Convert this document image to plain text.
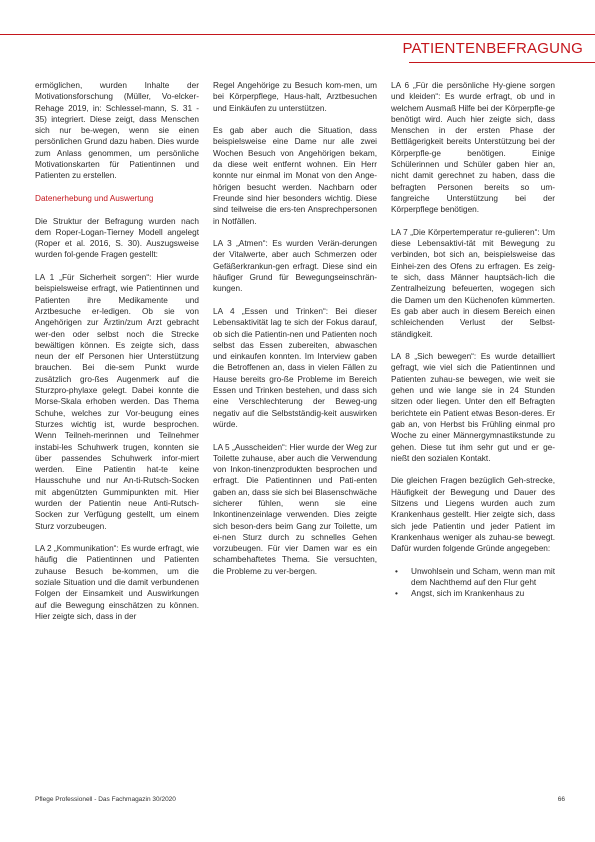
PATIENTENBEFRAGUNG

ermöglichen, wurden Inhalte der Motivationsforschung (Müller, Vo-elcker-Rehage 2019, in: Schlessel-mann, S. 31 - 35) integriert. Diese zeigt, dass Menschen sich nur be-wegen, wenn sie einen persönlichen Grund dazu haben. Dies wurde zum Anlass genommen, um persönliche Motivationskarten für Patientinnen und Patienten zu erstellen.

Datenerhebung und Auswertung

Die Struktur der Befragung wurden nach dem Roper-Logan-Tierney Modell angelegt (Roper et al. 2016, S. 30). Auszugsweise wurden fol-gende Fragen gestellt:

LA 1 „Für Sicherheit sorgen“: Hier wurde beispielsweise erfragt, wie Patientinnen und Patienten ihre Medikamente und Arztbesuche er-ledigen. Ob sie von Angehörigen zur Ärztin/zum Arzt gebracht wer-den oder selbst noch die Strecke bewältigen können. Es zeigte sich, dass neun der elf Personen hier Unterstützung brauchen. Bei die-sem Punkt wurde zusätzlich gro-ßes Augenmerk auf die Sturzpro-phylaxe gelegt. Dabei konnte die Morse-Skala erhoben werden. Das Thema Schuhe, welches zur Vor-beugung eines Sturzes wichtig ist, wurde besprochen. Wenn Teilneh-merinnen und Teilnehmer instabi-les Schuhwerk trugen, konnten sie über passendes Schuhwerk infor-miert werden. Eine Patientin hat-te keine Hausschuhe und nur An-ti-Rutsch-Socken mit abgenützten Gummipunkten mit. Hier wurden der Patientin neue Anti-Rutsch-Socken zur Verfügung gestellt, um einem Sturz vorzubeugen.

LA 2 „Kommunikation“: Es wurde erfragt, wie häufig die Patientinnen und Patienten zuhause Besuch be-kommen, um die soziale Situation und die damit verbundenen Folgen der Einsamkeit und Auswirkungen auf die Bewegung einschätzen zu können. Hier zeigte sich, dass in der

Regel Angehörige zu Besuch kom-men, um bei Körperpflege, Haus-halt, Arztbesuchen und Einkäufen zu unterstützen.

Es gab aber auch die Situation, dass beispielsweise eine Dame nur alle zwei Wochen Besuch von Angehörigen bekam, da diese weit entfernt wohnen. Ein Herr konnte nur einmal im Monat von den Ange-hörigen besucht werden. Nachbarn oder Freunde sind hier besonders wichtig. Diese sind teilweise die ers-ten Ansprechpersonen in Notfällen.

LA 3 „Atmen“: Es wurden Verän-derungen der Vitalwerte, aber auch Schmerzen oder Gefäßerkrankun-gen erfragt. Diese sind ein häufiger Grund für Bewegungseinschrän-kungen.

LA 4 „Essen und Trinken“: Bei dieser Lebensaktivität lag te sich der Fokus darauf, ob sich die Patientin-nen und Patienten noch selbst das Essen zubereiten, abwaschen und einkaufen konnten. Im Interview gaben die Betroffenen an, dass in vielen Fällen zu Hause bereits gro-ße Probleme im Bereich Essen und Trinken bestehen, und dass sich eine Verschlechterung der Beweg-ung negativ auf die Selbstständig-keit auswirken würde.

LA 5 „Ausscheiden“: Hier wurde der Weg zur Toilette zuhause, aber auch die Verwendung von Inkon-tinenzprodukten besprochen und erfragt. Die Patientinnen und Pati-enten gaben an, dass sie sich bei Blasenschwäche sicherer fühlen, wenn sie eine Inkontinenzeinlage verwenden. Dies zeigte sich beson-ders beim Gang zur Toilette, um ei-nen Sturz durch zu schnelles Gehen vorzubeugen. Für vier Damen war es ein schambehaftetes Thema. Sie versuchten, die Probleme zu ver-bergen.

LA 6 „Für die persönliche Hy-giene sorgen und kleiden“: Es wurde erfragt, ob und in welchem Ausmaß Hilfe bei der Körperpfle-ge benötigt wird. Auch hier zeigte sich, dass Menschen in der ersten Phase der Bettlägerigkeit bereits Unterstützung bei der Körperpfle-ge benötigen. Einige Schülerinnen und Schüler gaben hier an, nicht damit gerechnet zu haben, dass die befragten Personen bereits so um-fangreiche Unterstützung bei der Körperpflege benötigen.

LA 7 „Die Körpertemperatur re-gulieren“: Um diese Lebensaktivi-tät mit Bewegung zu verbinden, bot sich an, beispielsweise das Einhei-zen des Ofens zu erfragen. Es zeig-te sich, dass Männer hauptsäch-lich die Zentralheizung befeuerten, wogegen sich die Damen um den Küchenofen kümmerten. Es gab aber auch in diesem Bereich einen schleichenden Verlust der Selbst-ständigkeit.

LA 8 „Sich bewegen“: Es wurde detailliert gefragt, wie viel sich die Patientinnen und Patienten zuhau-se bewegen, wie weit sie gehen und wie lange sie in 24 Stunden sitzen oder liegen. Unter den elf Befragten berichtete ein Patient etwas Beson-deres. Er gab an, von Herbst bis Frühling einmal pro Woche zu einer Männergymnastikstunde zu gehen. Diese tut ihm sehr gut und er ge-nießt den sozialen Kontakt.

Die gleichen Fragen bezüglich Geh-strecke, Häufigkeit der Bewegung und Dauer des Sitzens und Liegens wurden auch zum Krankenhaus gestellt. Hier zeigte sich, dass sich jede Patientin und jeder Patient im Krankenhaus weniger als zuhau-se bewegt. Dafür wurden folgende Gründe angegeben:

• Unwohlsein und Scham, wenn man mit dem Nachthemd auf den Flur geht
• Angst, sich im Krankenhaus zu
Pflege Professionell - Das Fachmagazin 30/2020	66
